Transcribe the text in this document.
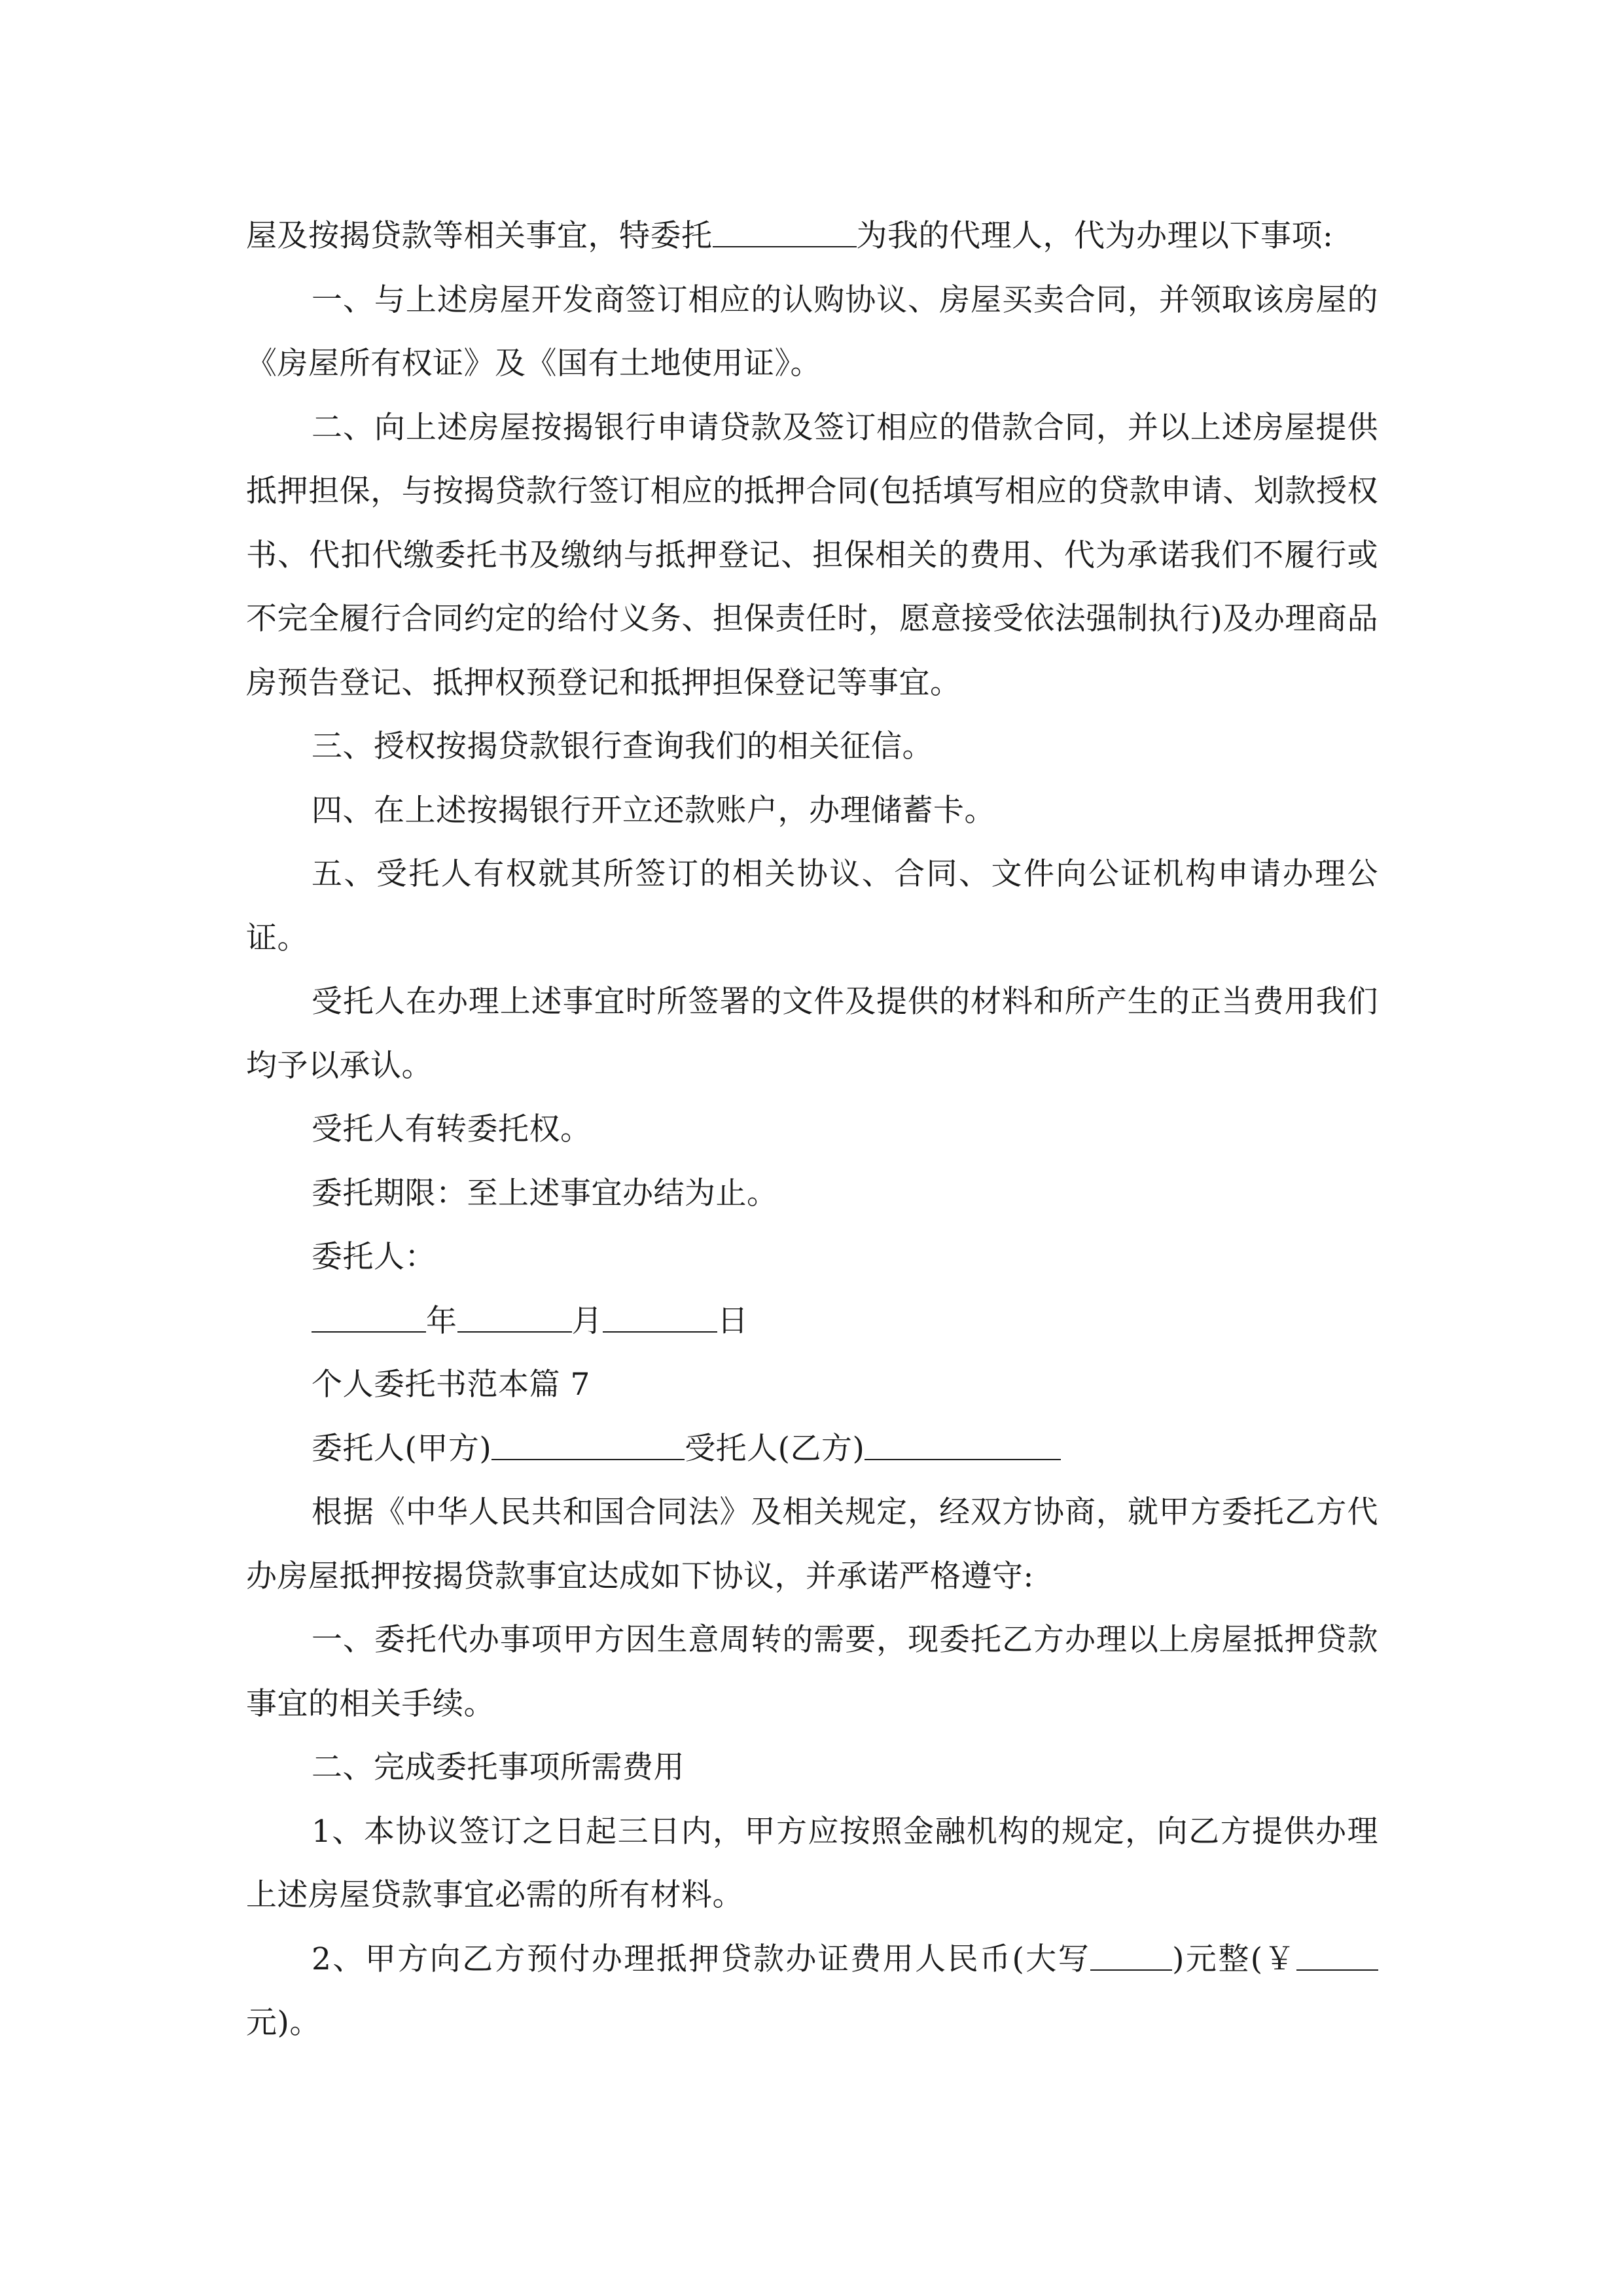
屋及按揭贷款等相关事宜，特委托	为我的代理人，代为办理以下事项:

一、与上述房屋开发商签订相应的认购协议、房屋买卖合同，并领取该房屋的《房屋所有权证》及《国有土地使用证》。

二、向上述房屋按揭银行申请贷款及签订相应的借款合同，并以上述房屋提供抵押担保，与按揭贷款行签订相应的抵押合同(包括填写相应的贷款申请、划款授权书、代扣代缴委托书及缴纳与抵押登记、担保相关的费用、代为承诺我们不履行或不完全履行合同约定的给付义务、担保责任时，愿意接受依法强制执行)及办理商品房预告登记、抵押权预登记和抵押担保登记等事宜。

三、授权按揭贷款银行查询我们的相关征信。

四、在上述按揭银行开立还款账户，办理储蓄卡。

五、受托人有权就其所签订的相关协议、合同、文件向公证机构申请办理公证。

受托人在办理上述事宜时所签署的文件及提供的材料和所产生的正当费用我们均予以承认。

受托人有转委托权。

委托期限：至上述事宜办结为止。

委托人：

年	月	日

个人委托书范本篇 7

委托人(甲方)	受托人(乙方)

根据《中华人民共和国合同法》及相关规定，经双方协商，就甲方委托乙方代办房屋抵押按揭贷款事宜达成如下协议，并承诺严格遵守:

一、委托代办事项甲方因生意周转的需要，现委托乙方办理以上房屋抵押贷款事宜的相关手续。

二、完成委托事项所需费用

1、本协议签订之日起三日内，甲方应按照金融机构的规定，向乙方提供办理上述房屋贷款事宜必需的所有材料。

2、甲方向乙方预付办理抵押贷款办证费用人民币(大写	)元整(￥元)。
